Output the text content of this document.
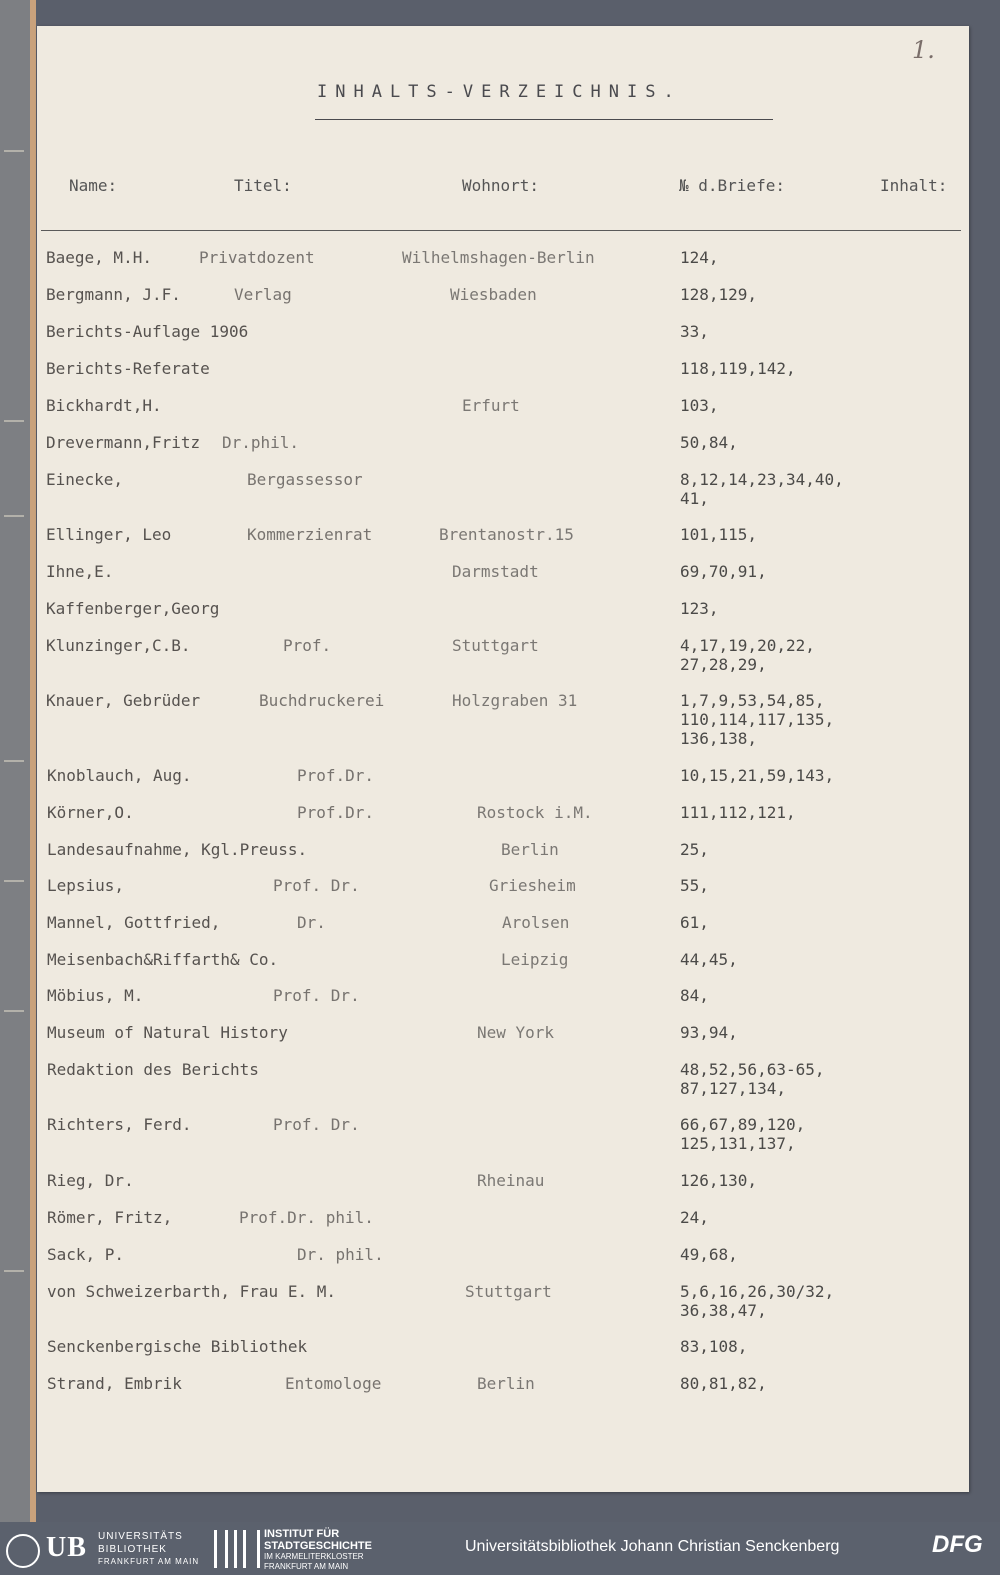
1.
INHALTS-VERZEICHNIS.
Name:	Titel:	Wohnort:	№ d.Briefe:	Inhalt:
Baege, M.H.	Privatdozent	Wilhelmshagen-Berlin	124,
Bergmann, J.F.	Verlag	Wiesbaden	128,129,
Berichts-Auflage 1906	33,
Berichts-Referate	118,119,142,
Bickhardt,H.	Erfurt	103,
Drevermann,Fritz Dr.phil.	50,84,
Einecke,	Bergassessor	8,12,14,23,34,40,
41,
Ellinger, Leo	Kommerzienrat	Brentanostr.15	101,115,
Ihne,E.	Darmstadt	69,70,91,
Kaffenberger,Georg	123,
Klunzinger,C.B.	Prof.	Stuttgart	4,17,19,20,22,
27,28,29,
Knauer, Gebrüder	Buchdruckerei	Holzgraben 31	1,7,9,53,54,85,
110,114,117,135,
136,138,
Knoblauch, Aug.	Prof.Dr.	10,15,21,59,143,
Körner,O.	Prof.Dr.	Rostock i.M.	111,112,121,
Landesaufnahme, Kgl.Preuss.	Berlin	25,
Lepsius,	Prof. Dr.	Griesheim	55,
Mannel, Gottfried,	Dr.	Arolsen	61,
Meisenbach&Riffarth& Co.	Leipzig	44,45,
Möbius, M.	Prof. Dr.	84,
Museum of Natural History	New York	93,94,
Redaktion des Berichts	48,52,56,63-65,
87,127,134,
Richters, Ferd.	Prof. Dr.	66,67,89,120,
125,131,137,
Rieg, Dr.	Rheinau	126,130,
Römer, Fritz,	Prof.Dr. phil.	24,
Sack, P.	Dr. phil.	49,68,
von Schweizerbarth, Frau E. M.	Stuttgart	5,6,16,26,30/32,
36,38,47,
Senckenbergische Bibliothek	83,108,
Strand, Embrik	Entomologe	Berlin	80,81,82,
UB UNIVERSITÄTS
BIBLIOTHEK
FRANKFURT AM MAIN
INSTITUT FÜR
STADTGESCHICHTE
IM KARMELITERKLOSTER
FRANKFURT AM MAIN
Universitätsbibliothek Johann Christian Senckenberg	DFG
